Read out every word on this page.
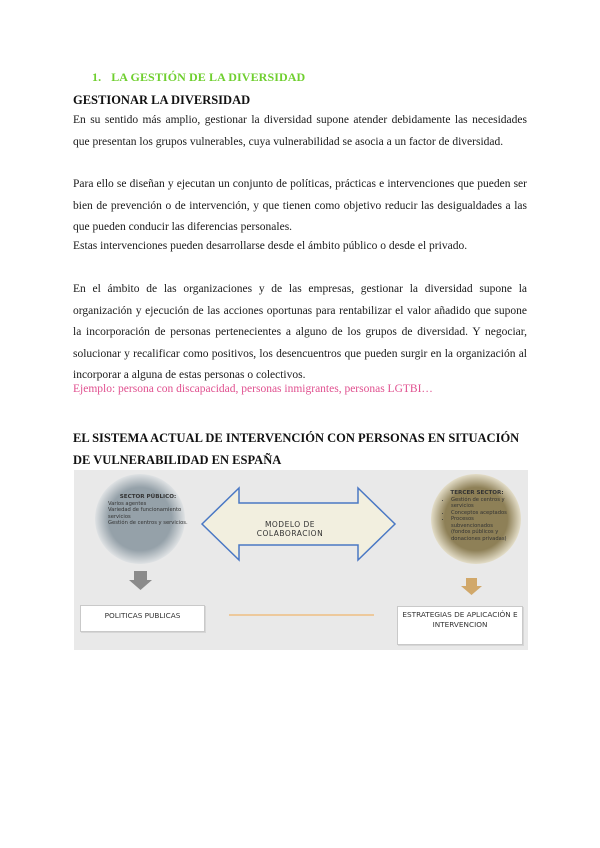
1. LA GESTIÓN DE LA DIVERSIDAD
GESTIONAR LA DIVERSIDAD
En su sentido más amplio, gestionar la diversidad supone atender debidamente las necesidades que presentan los grupos vulnerables, cuya vulnerabilidad se asocia a un factor de diversidad.
Para ello se diseñan y ejecutan un conjunto de políticas, prácticas e intervenciones que pueden ser bien de prevención o de intervención, y que tienen como objetivo reducir las desigualdades a las que pueden conducir las diferencias personales.
Estas intervenciones pueden desarrollarse desde el ámbito público o desde el privado.
En el ámbito de las organizaciones y de las empresas, gestionar la diversidad supone la organización y ejecución de las acciones oportunas para rentabilizar el valor añadido que supone la incorporación de personas pertenecientes a alguno de los grupos de diversidad. Y negociar, solucionar y recalificar como positivos, los desencuentros que pueden surgir en la organización al incorporar a alguna de estas personas o colectivos.
Ejemplo: persona con discapacidad, personas inmigrantes, personas LGTBI…
EL SISTEMA ACTUAL DE INTERVENCIÓN CON PERSONAS EN SITUACIÓN DE VULNERABILIDAD EN ESPAÑA
SECTOR PÚBLICO:
Varios agentes
Variedad de funcionamiento servicios
Gestión de centros y servicios.	MODELO DE COLABORACION
TERCER SECTOR:
• Gestión de centros y servicios
• Conceptos aceptados
• Procesos subvencionados (fondos públicos y donaciones privadas)
POLITICAS PUBLICAS	ESTRATEGIAS DE APLICACIÓN E INTERVENCION
